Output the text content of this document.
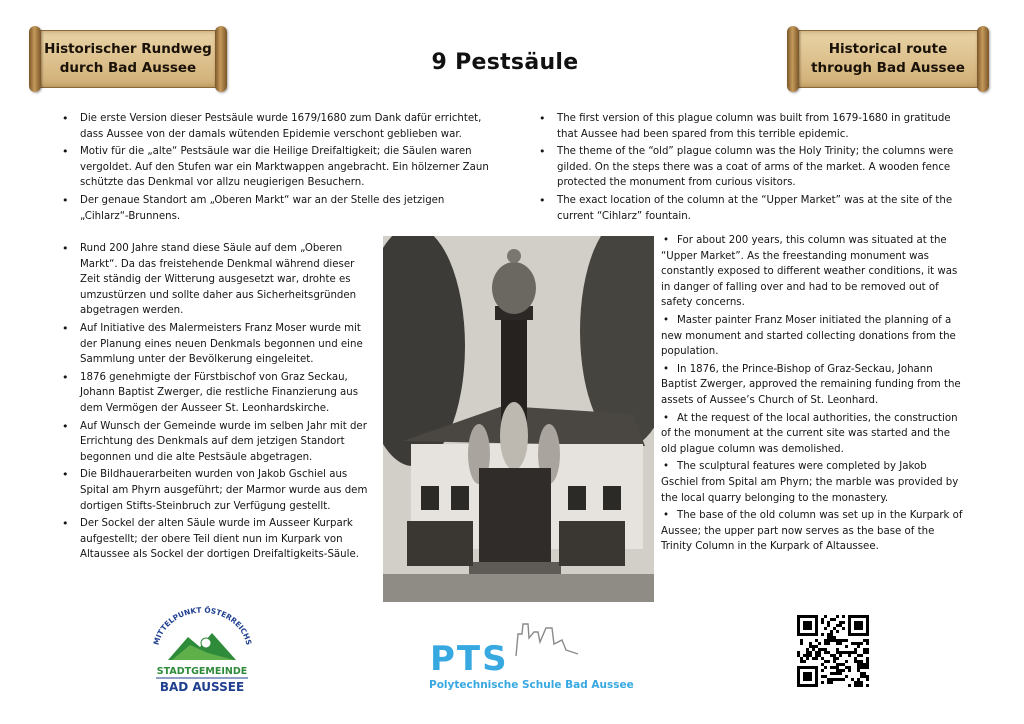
Historischer Rundweg
durch Bad Aussee	9 Pestsäule
Historical route
through Bad Aussee
• Die erste Version dieser Pestsäule wurde 1679/1680 zum Dank dafür errichtet, dass Aussee von der damals wütenden Epidemie verschont geblieben war.
• Motiv für die „alte“ Pestsäule war die Heilige Dreifaltigkeit; die Säulen waren vergoldet. Auf den Stufen war ein Marktwappen angebracht. Ein hölzerner Zaun schützte das Denkmal vor allzu neugierigen Besuchern.
• Der genaue Standort am „Oberen Markt“ war an der Stelle des jetzigen „Cihlarz“-Brunnens.
• Rund 200 Jahre stand diese Säule auf dem „Oberen Markt“. Da das freistehende Denkmal während dieser Zeit ständig der Witterung ausgesetzt war, drohte es umzustürzen und sollte daher aus Sicherheitsgründen abgetragen werden.
• Auf Initiative des Malermeisters Franz Moser wurde mit der Planung eines neuen Denkmals begonnen und eine Sammlung unter der Bevölkerung eingeleitet.
• 1876 genehmigte der Fürstbischof von Graz Seckau, Johann Baptist Zwerger, die restliche Finanzierung aus dem Vermögen der Ausseer St. Leonhardskirche.
• Auf Wunsch der Gemeinde wurde im selben Jahr mit der Errichtung des Denkmals auf dem jetzigen Standort begonnen und die alte Pestsäule abgetragen.
• Die Bildhauerarbeiten wurden von Jakob Gschiel aus Spital am Phyrn ausgeführt; der Marmor wurde aus dem dortigen Stifts-Steinbruch zur Verfügung gestellt.
• Der Sockel der alten Säule wurde im Ausseer Kurpark aufgestellt; der obere Teil dient nun im Kurpark von Altaussee als Sockel der dortigen Dreifaltigkeits-Säule.
• The first version of this plague column was built from 1679-1680 in gratitude that Aussee had been spared from this terrible epidemic.
• The theme of the “old” plague column was the Holy Trinity; the columns were gilded. On the steps there was a coat of arms of the market. A wooden fence protected the monument from curious visitors.
• The exact location of the column at the “Upper Market” was at the site of the current “Cihlarz” fountain.
• For about 200 years, this column was situated at the “Upper Market”. As the freestanding monument was constantly exposed to different weather conditions, it was in danger of falling over and had to be removed out of safety concerns.
• Master painter Franz Moser initiated the planning of a new monument and started collecting donations from the population.
• In 1876, the Prince-Bishop of Graz-Seckau, Johann Baptist Zwerger, approved the remaining funding from the assets of Aussee’s Church of St. Leonhard.
• At the request of the local authorities, the construction of the monument at the current site was started and the old plague column was demolished.
• The sculptural features were completed by Jakob Gschiel from Spital am Phyrn; the marble was provided by the local quarry belonging to the monastery.
• The base of the old column was set up in the Kurpark of Aussee; the upper part now serves as the base of the Trinity Column in the Kurpark of Altaussee.
MITTELPUNKT ÖSTERREICHS
STADTGEMEINDE
BAD AUSSEE
PTS
Polytechnische Schule Bad Aussee
